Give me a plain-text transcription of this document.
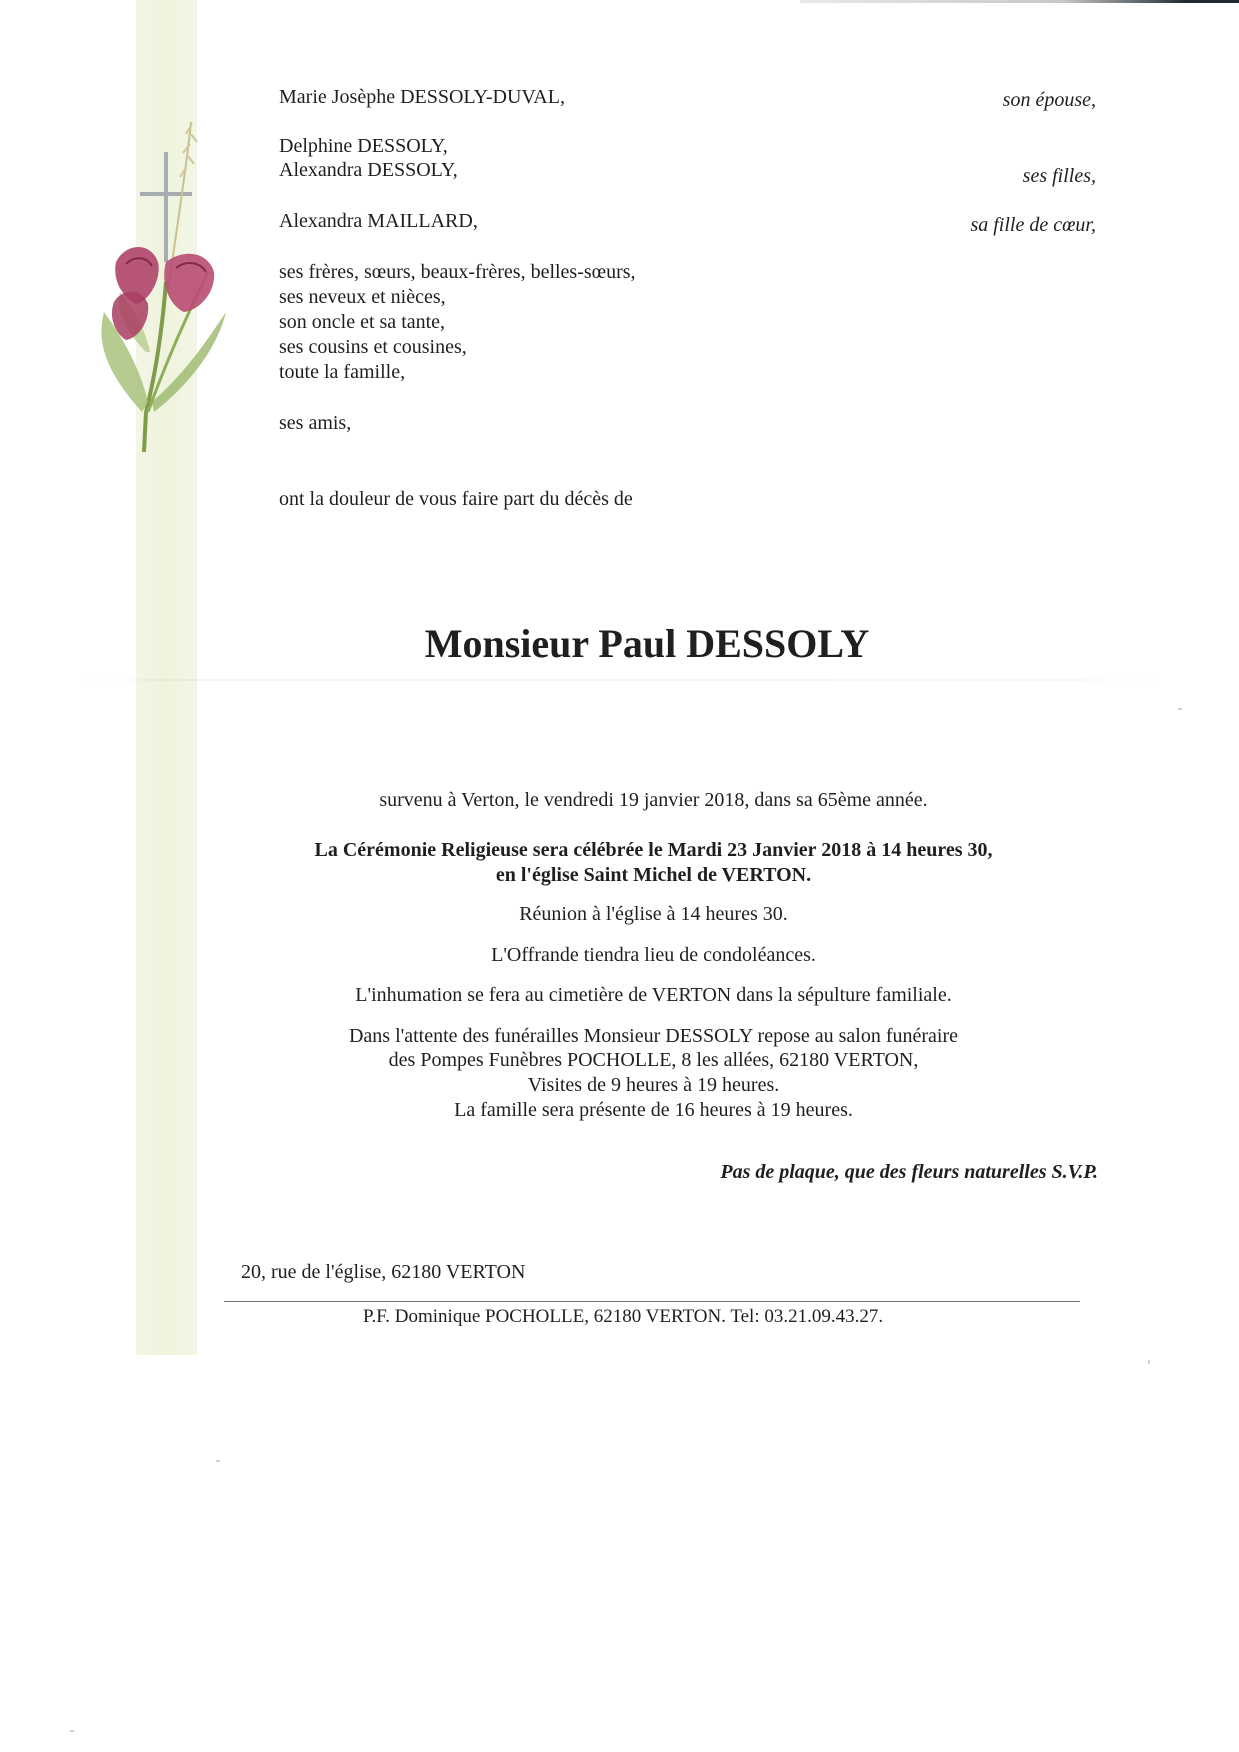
Marie Josèphe DESSOLY-DUVAL,	son épouse,
Delphine DESSOLY,
Alexandra DESSOLY,	ses filles,
Alexandra MAILLARD,	sa fille de cœur,
ses frères, sœurs, beaux-frères, belles-sœurs,
ses neveux et nièces,
son oncle et sa tante,
ses cousins et cousines,
toute la famille,
ses amis,
ont la douleur de vous faire part du décès de
Monsieur Paul DESSOLY
survenu à Verton, le vendredi 19 janvier 2018, dans sa 65ème année.
La Cérémonie Religieuse sera célébrée le Mardi 23 Janvier 2018 à 14 heures 30,
en l'église Saint Michel de VERTON.
Réunion à l'église à 14 heures 30.
L'Offrande tiendra lieu de condoléances.
L'inhumation se fera au cimetière de VERTON dans la sépulture familiale.
Dans l'attente des funérailles Monsieur DESSOLY repose au salon funéraire
des Pompes Funèbres POCHOLLE, 8 les allées, 62180 VERTON,
Visites de 9 heures à 19 heures.
La famille sera présente de 16 heures à 19 heures.
Pas de plaque, que des fleurs naturelles S.V.P.
20, rue de l'église, 62180 VERTON
P.F. Dominique POCHOLLE, 62180 VERTON. Tel: 03.21.09.43.27.
